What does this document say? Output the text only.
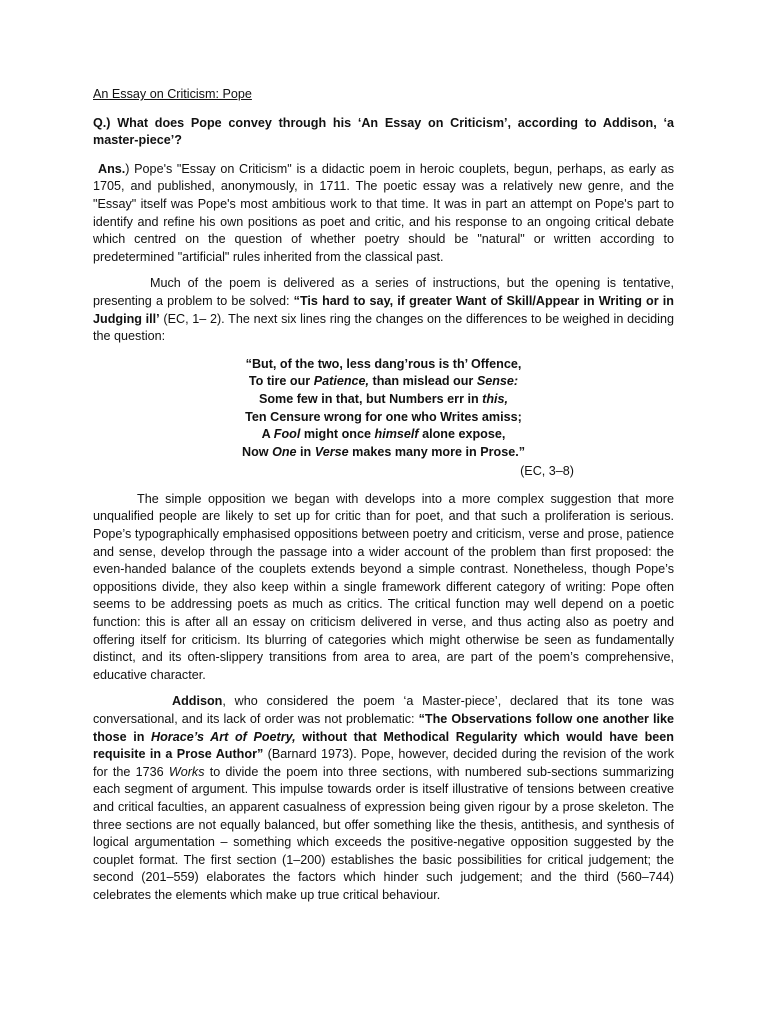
An Essay on Criticism: Pope
Q.) What does Pope convey through his ‘An Essay on Criticism’, according to Addison, ‘a master-piece’?

Ans.) Pope's "Essay on Criticism" is a didactic poem in heroic couplets, begun, perhaps, as early as 1705, and published, anonymously, in 1711. The poetic essay was a relatively new genre, and the "Essay" itself was Pope's most ambitious work to that time. It was in part an attempt on Pope's part to identify and refine his own positions as poet and critic, and his response to an ongoing critical debate which centred on the question of whether poetry should be "natural" or written according to predetermined "artificial" rules inherited from the classical past.

Much of the poem is delivered as a series of instructions, but the opening is tentative, presenting a problem to be solved: “Tis hard to say, if greater Want of Skill/Appear in Writing or in Judging ill’ (EC, 1– 2). The next six lines ring the changes on the differences to be weighed in deciding the question:

“But, of the two, less dang’rous is th’ Offence,
To tire our Patience, than mislead our Sense:
Some few in that, but Numbers err in this,
Ten Censure wrong for one who Writes amiss;
A Fool might once himself alone expose,
Now One in Verse makes many more in Prose.”
(EC, 3–8)

The simple opposition we began with develops into a more complex suggestion that more unqualified people are likely to set up for critic than for poet, and that such a proliferation is serious. Pope’s typographically emphasised oppositions between poetry and criticism, verse and prose, patience and sense, develop through the passage into a wider account of the problem than first proposed: the even-handed balance of the couplets extends beyond a simple contrast. Nonetheless, though Pope’s oppositions divide, they also keep within a single framework different category of writing: Pope often seems to be addressing poets as much as critics. The critical function may well depend on a poetic function: this is after all an essay on criticism delivered in verse, and thus acting also as poetry and offering itself for criticism. Its blurring of categories which might otherwise be seen as fundamentally distinct, and its often-slippery transitions from area to area, are part of the poem’s comprehensive, educative character.

Addison, who considered the poem ‘a Master-piece’, declared that its tone was conversational, and its lack of order was not problematic: “The Observations follow one another like those in Horace’s Art of Poetry, without that Methodical Regularity which would have been requisite in a Prose Author” (Barnard 1973). Pope, however, decided during the revision of the work for the 1736 Works to divide the poem into three sections, with numbered sub-sections summarizing each segment of argument. This impulse towards order is itself illustrative of tensions between creative and critical faculties, an apparent casualness of expression being given rigour by a prose skeleton. The three sections are not equally balanced, but offer something like the thesis, antithesis, and synthesis of logical argumentation – something which exceeds the positive-negative opposition suggested by the couplet format. The first section (1–200) establishes the basic possibilities for critical judgement; the second (201–559) elaborates the factors which hinder such judgement; and the third (560–744) celebrates the elements which make up true critical behaviour.
